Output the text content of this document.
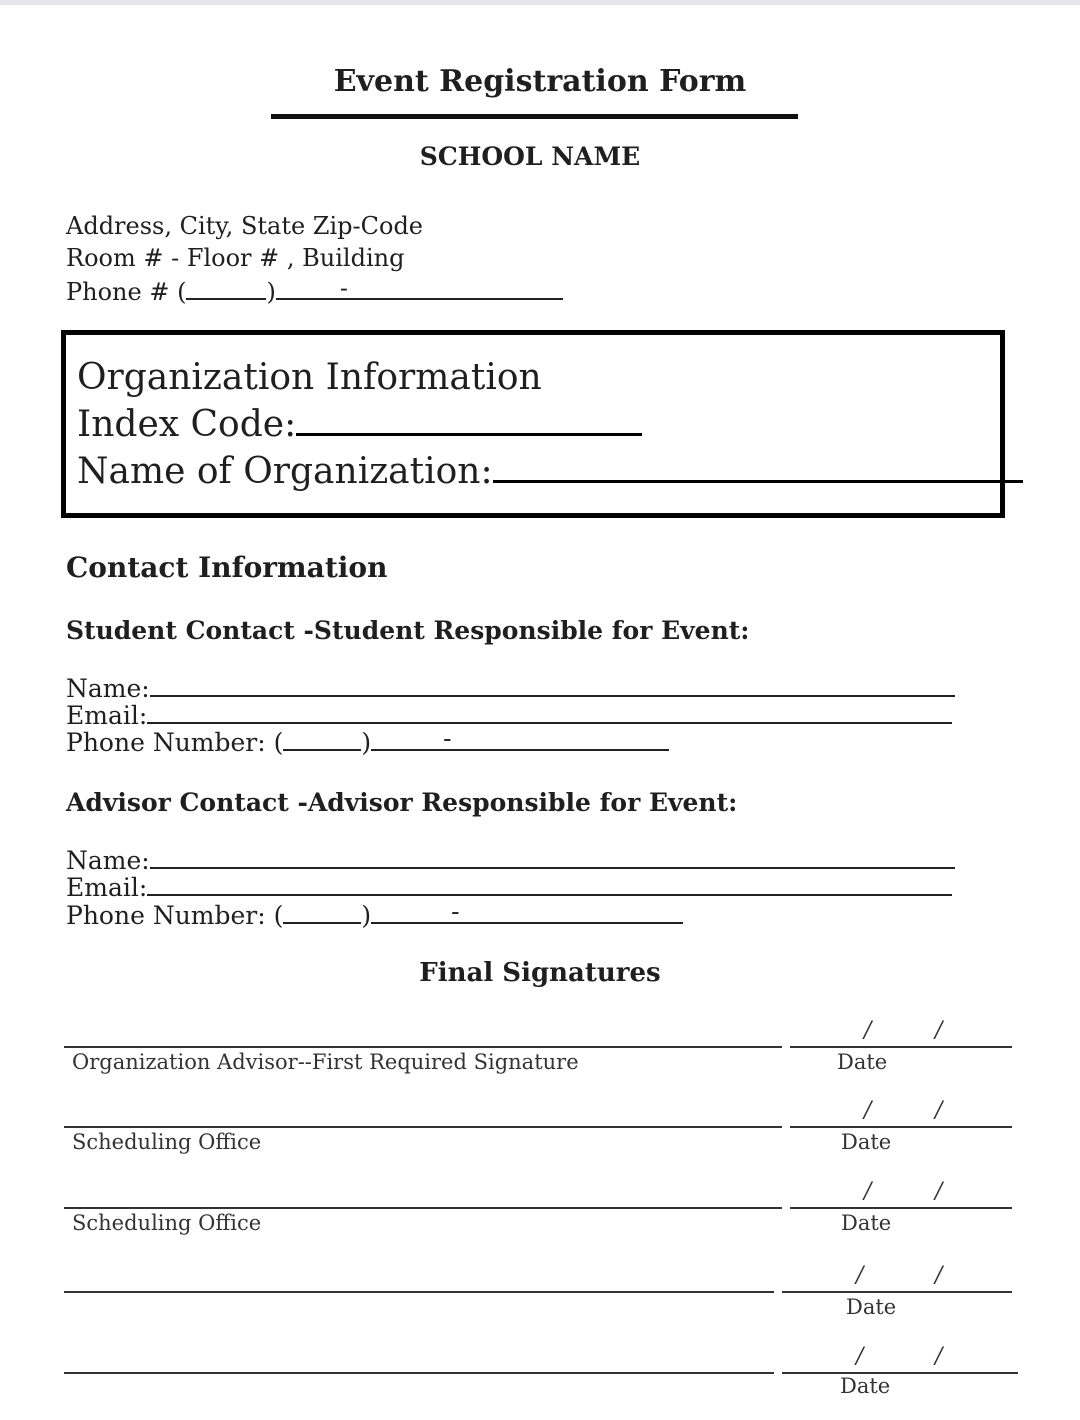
Event Registration Form
SCHOOL NAME
Address, City, State Zip-Code
Room # - Floor # , Building
Phone # (	)	-
Organization Information
Index Code:
Name of Organization:
Contact Information
Student Contact -Student Responsible for Event:
Name:
Email:
Phone Number: (	)	-
Advisor Contact -Advisor Responsible for Event:
Name:
Email:
Phone Number: (	)	-
Final Signatures
Organization Advisor--First Required Signature
/	/
Date
Scheduling Office
/	/
Date
Scheduling Office
/	/
Date
/	/
Date
/	/
Date
